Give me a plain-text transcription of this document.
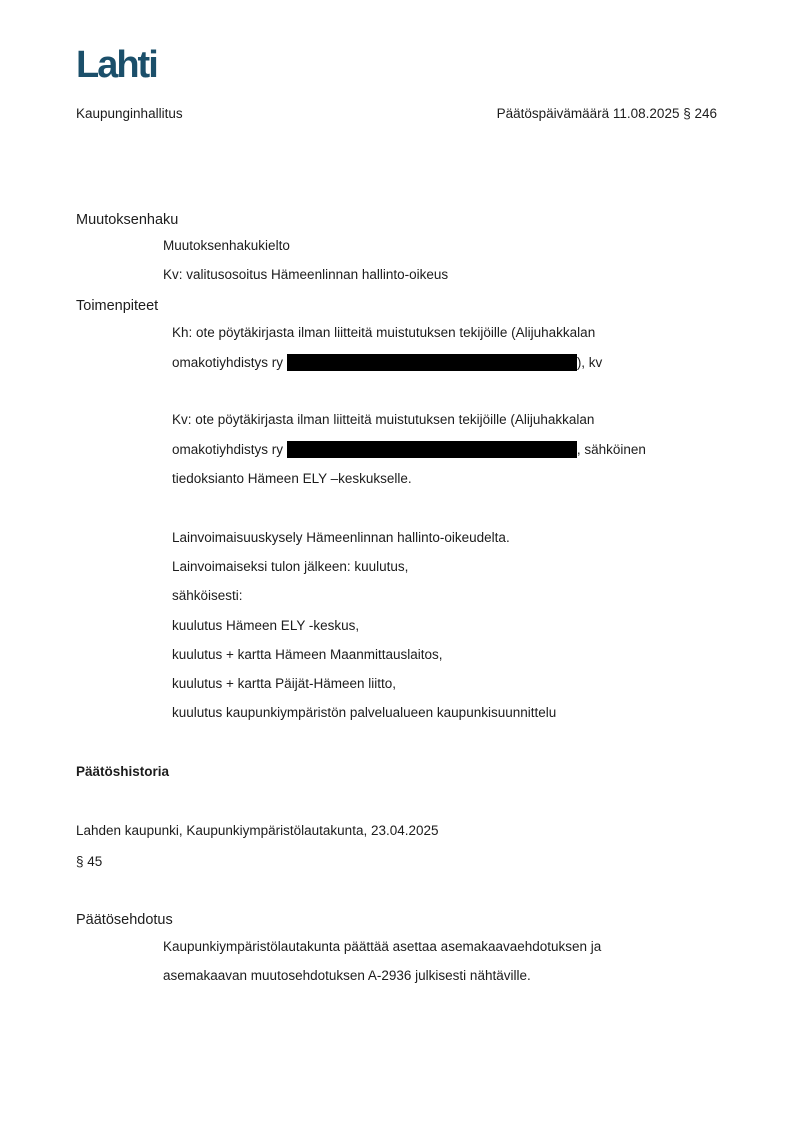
Lahti
Kaupunginhallitus	Päätöspäivämäärä 11.08.2025 § 246
Muutoksenhaku
Muutoksenhakukielto
Kv: valitusosoitus Hämeenlinnan hallinto-oikeus
Toimenpiteet
Kh: ote pöytäkirjasta ilman liitteitä muistutuksen tekijöille (Alijuhakkalan
omakotiyhdistys ry	), kv
Kv: ote pöytäkirjasta ilman liitteitä muistutuksen tekijöille (Alijuhakkalan
omakotiyhdistys ry	, sähköinen
tiedoksianto Hämeen ELY –keskukselle.
Lainvoimaisuuskysely Hämeenlinnan hallinto-oikeudelta.
Lainvoimaiseksi tulon jälkeen: kuulutus,
sähköisesti:
kuulutus Hämeen ELY -keskus,
kuulutus + kartta Hämeen Maanmittauslaitos,
kuulutus + kartta Päijät-Hämeen liitto,
kuulutus kaupunkiympäristön palvelualueen kaupunkisuunnittelu
Päätöshistoria
Lahden kaupunki, Kaupunkiympäristölautakunta, 23.04.2025
§ 45
Päätösehdotus
Kaupunkiympäristölautakunta päättää asettaa asemakaavaehdotuksen ja
asemakaavan muutosehdotuksen A-2936 julkisesti nähtäville.
